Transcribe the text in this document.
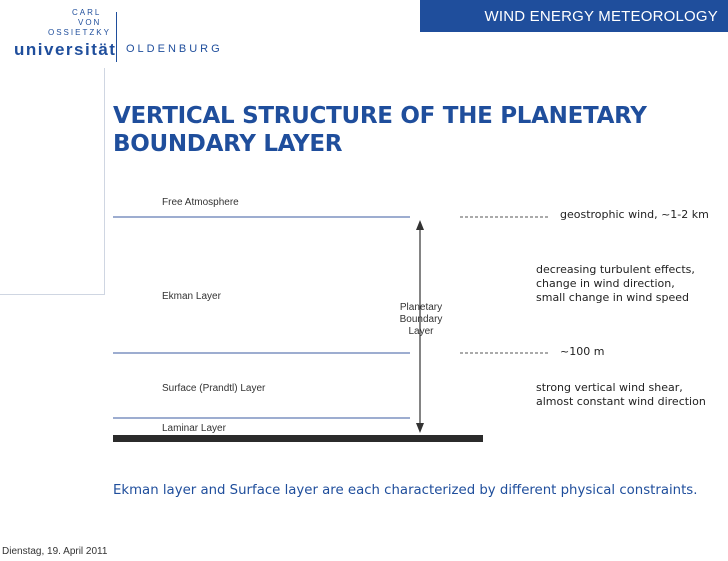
CARL
VON
OSSIETZKY
universität OLDENBURG
WIND ENERGY METEOROLOGY
VERTICAL STRUCTURE OF THE PLANETARY
BOUNDARY LAYER
Free Atmosphere
Ekman Layer
Surface (Prandtl) Layer
Laminar Layer
Planetary
Boundary
Layer
geostrophic wind, ~1-2 km
decreasing turbulent effects,
change in wind direction,
small change in wind speed
~100 m
strong vertical wind shear,
almost constant wind direction
Ekman layer and Surface layer are each characterized by different physical constraints.
Dienstag, 19. April 2011
